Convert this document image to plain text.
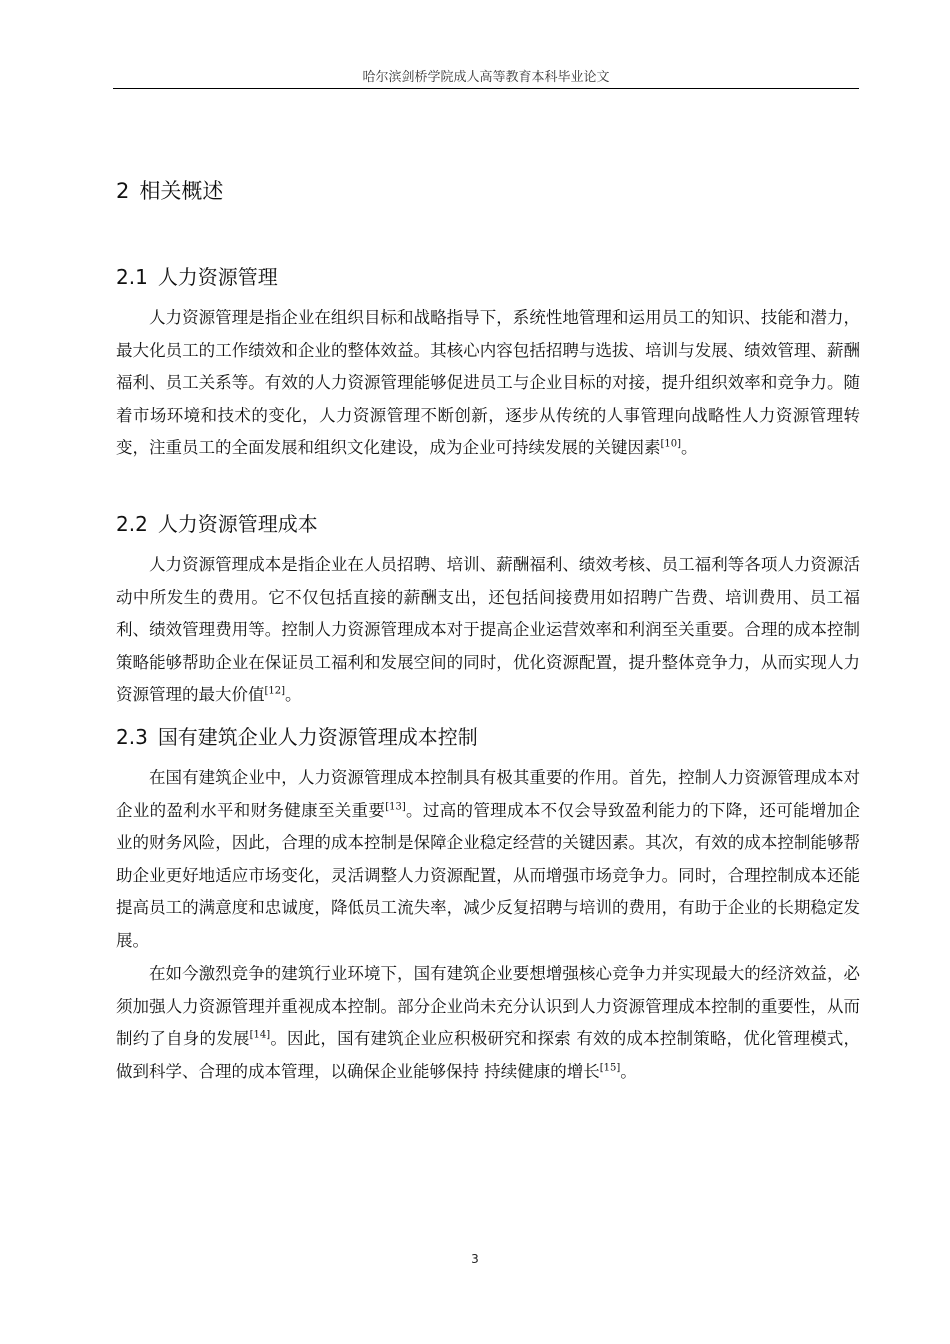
哈尔滨剑桥学院成人高等教育本科毕业论文
2 相关概述
2.1 人力资源管理

人力资源管理是指企业在组织目标和战略指导下，系统性地管理和运用员工的知识、技能和潜力，最大化员工的工作绩效和企业的整体效益。其核心内容包括招聘与选拔、培训与发展、绩效管理、薪酬福利、员工关系等。有效的人力资源管理能够促进员工与企业目标的对接，提升组织效率和竞争力。随着市场环境和技术的变化，人力资源管理不断创新，逐步从传统的人事管理向战略性人力资源管理转变，注重员工的全面发展和组织文化建设，成为企业可持续发展的关键因素[10]。

2.2 人力资源管理成本

人力资源管理成本是指企业在人员招聘、培训、薪酬福利、绩效考核、员工福利等各项人力资源活动中所发生的费用。它不仅包括直接的薪酬支出，还包括间接费用如招聘广告费、培训费用、员工福利、绩效管理费用等。控制人力资源管理成本对于提高企业运营效率和利润至关重要。合理的成本控制策略能够帮助企业在保证员工福利和发展空间的同时，优化资源配置，提升整体竞争力，从而实现人力资源管理的最大价值[12]。

2.3 国有建筑企业人力资源管理成本控制

在国有建筑企业中，人力资源管理成本控制具有极其重要的作用。首先，控制人力资源管理成本对企业的盈利水平和财务健康至关重要[13]。过高的管理成本不仅会导致盈利能力的下降，还可能增加企业的财务风险，因此，合理的成本控制是保障企业稳定经营的关键因素。其次，有效的成本控制能够帮助企业更好地适应市场变化，灵活调整人力资源配置，从而增强市场竞争力。同时，合理控制成本还能提高员工的满意度和忠诚度，降低员工流失率，减少反复招聘与培训的费用，有助于企业的长期稳定发展。

在如今激烈竞争的建筑行业环境下，国有建筑企业要想增强核心竞争力并实现最大的经济效益，必须加强人力资源管理并重视成本控制。部分企业尚未充分认识到人力资源管理成本控制的重要性，从而制约了自身的发展[14]。因此，国有建筑企业应积极研究和探索 有效的成本控制策略，优化管理模式，做到科学、合理的成本管理，以确保企业能够保持 持续健康的增长[15]。

3
